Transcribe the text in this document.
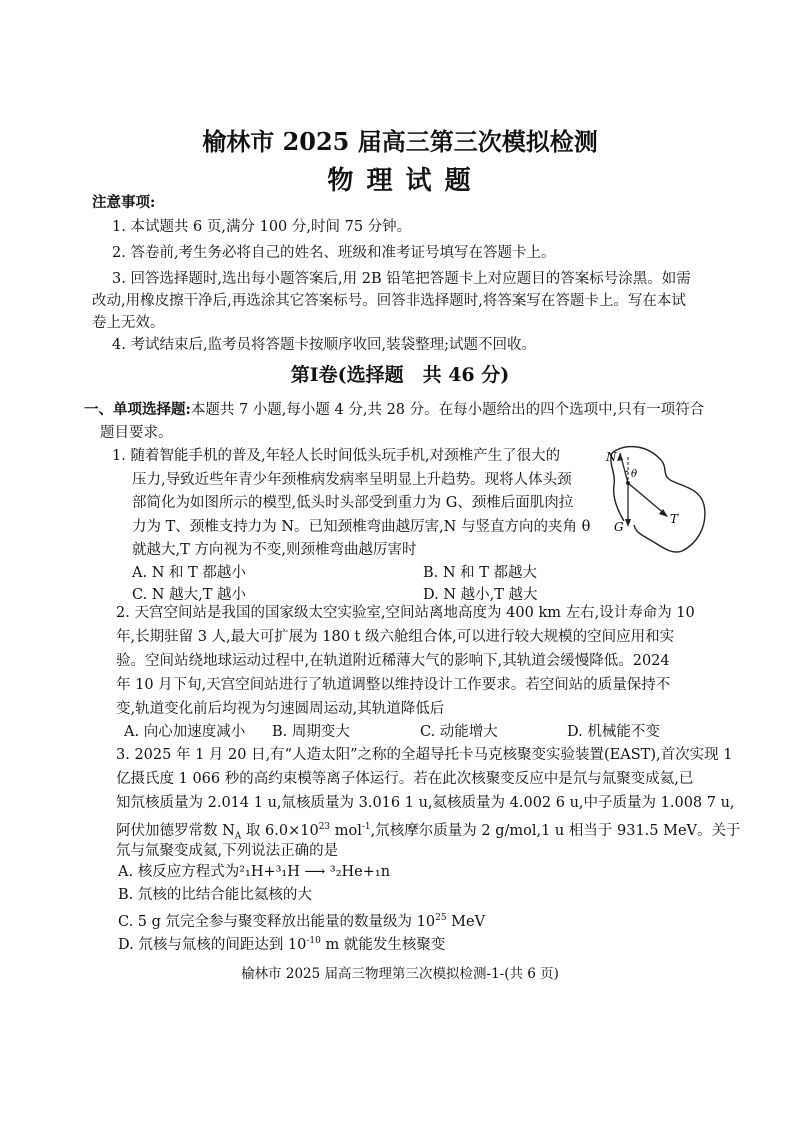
榆林市 2025 届高三第三次模拟检测
物 理 试 题
注意事项:
1. 本试题共 6 页,满分 100 分,时间 75 分钟。
2. 答卷前,考生务必将自己的姓名、班级和准考证号填写在答题卡上。
3. 回答选择题时,选出每小题答案后,用 2B 铅笔把答题卡上对应题目的答案标号涂黑。如需
改动,用橡皮擦干净后,再选涂其它答案标号。回答非选择题时,将答案写在答题卡上。写在本试
卷上无效。
4. 考试结束后,监考员将答题卡按顺序收回,装袋整理;试题不回收。
第Ⅰ卷(选择题　共 46 分)
一、单项选择题:本题共 7 小题,每小题 4 分,共 28 分。在每小题给出的四个选项中,只有一项符合
题目要求。
1. 随着智能手机的普及,年轻人长时间低头玩手机,对颈椎产生了很大的
压力,导致近些年青少年颈椎病发病率呈明显上升趋势。现将人体头颈
部简化为如图所示的模型,低头时头部受到重力为 G、颈椎后面肌肉拉
力为 T、颈椎支持力为 N。已知颈椎弯曲越厉害,N 与竖直方向的夹角 θ
就越大,T 方向视为不变,则颈椎弯曲越厉害时
A. N 和 T 都越小	B. N 和 T 都越大
C. N 越大,T 越小	D. N 越小,T 越大
N
θ
G
T
2. 天宫空间站是我国的国家级太空实验室,空间站离地高度为 400 km 左右,设计寿命为 10
年,长期驻留 3 人,最大可扩展为 180 t 级六舱组合体,可以进行较大规模的空间应用和实
验。空间站绕地球运动过程中,在轨道附近稀薄大气的影响下,其轨道会缓慢降低。2024
年 10 月下旬,天宫空间站进行了轨道调整以维持设计工作要求。若空间站的质量保持不
变,轨道变化前后均视为匀速圆周运动,其轨道降低后
A. 向心加速度减小 B. 周期变大	C. 动能增大	D. 机械能不变
3. 2025 年 1 月 20 日,有“人造太阳”之称的全超导托卡马克核聚变实验装置(EAST),首次实现 1
亿摄氏度 1 066 秒的高约束模等离子体运行。若在此次核聚变反应中是氘与氚聚变成氦,已
知氘核质量为 2.014 1 u,氚核质量为 3.016 1 u,氦核质量为 4.002 6 u,中子质量为 1.008 7 u,
阿伏加德罗常数 $N_A$ 取 $6.0\times 10^{23}$ mol$^{-1}$,氘核摩尔质量为 2 g/mol,1 u 相当于 931.5 MeV。关于
氘与氚聚变成氦,下列说法正确的是
A. 核反应方程式为²₁H+³₁H ⟶ ³₂He+₁n
B. 氘核的比结合能比氦核的大
C. 5 g 氘完全参与聚变释放出能量的数量级为 $10^{25}$ MeV
D. 氘核与氚核的间距达到 $10^{-10}$ m 就能发生核聚变
榆林市 2025 届高三物理第三次模拟检测-1-(共 6 页)
